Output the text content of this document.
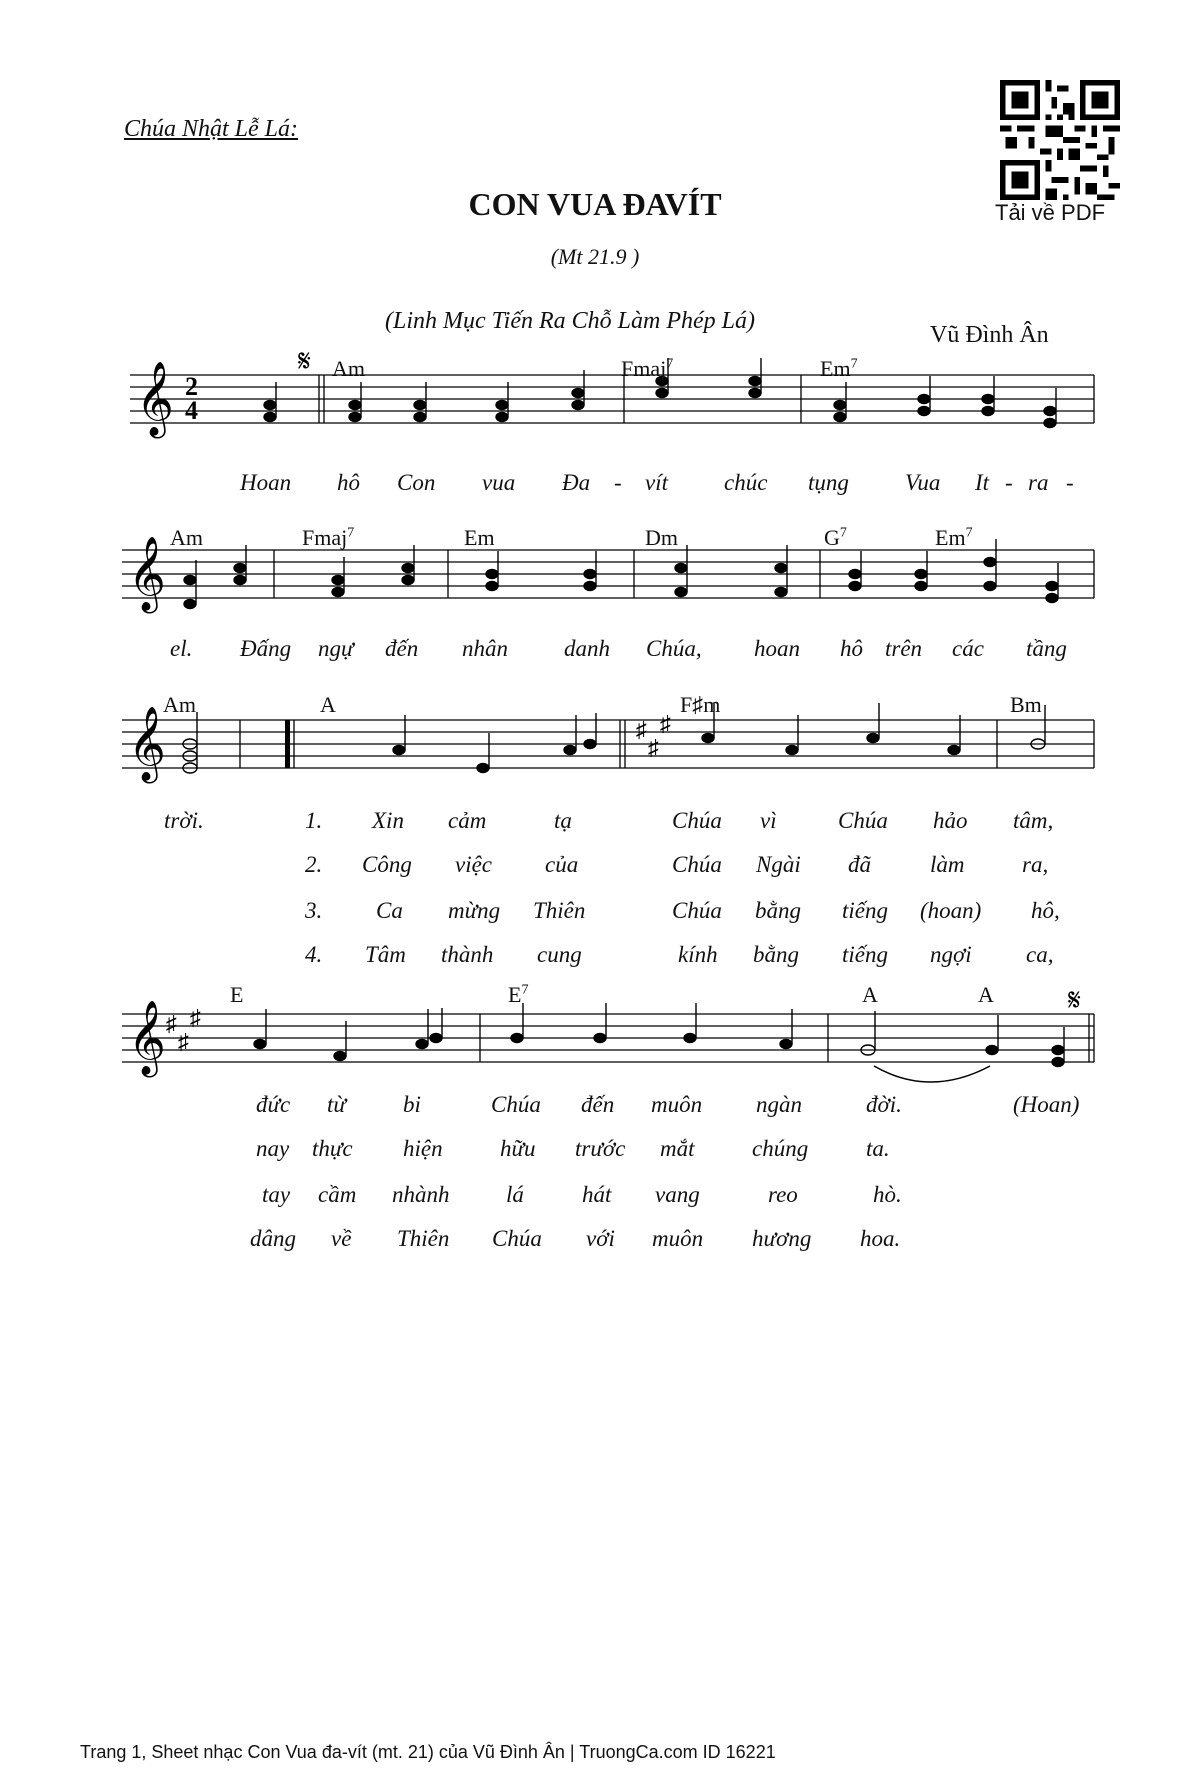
Chúa Nhật Lễ Lá:
CON VUA ĐAVÍT
(Mt 21.9 )
(Linh Mục Tiến Ra Chỗ Làm Phép Lá)
Vũ Đình Ân
Tải về PDF
𝄞
𝄞
𝄞
𝄞
2
4
♯
♯
♯
♯
♯
♯
𝄋
𝄋
Am	Fmaj$^7$	Em$^7$
Am	Fmaj$^7$	Em	Dm	$G^7$	Em$^7$
Am	A	F♯m	Bm
E	$E^7$	A	A
Hoan hô Con vua Đa - vít chúc tụng Vua It - ra -
el. Đấng ngự đến nhân danh Chúa, hoan hô trên các tầng
trời.	1. Xin cảm	tạ	Chúa vì	Chúa hảo tâm,
2. Công việc của	Chúa Ngài đã	làm	ra,
3. Ca mừng Thiên	Chúa bằng tiếng (hoan) hô,
4. Tâm thành cung	kính bằng tiếng ngợi ca,
đức từ bi	Chúa đến muôn ngàn	đời.	(Hoan)
nay thực hiện hữu trước mắt	chúng	ta.
tay cầm nhành lá	hát vang	reo	hò.
dâng về Thiên Chúa với muôn hương hoa.
Trang 1, Sheet nhạc Con Vua đa-vít (mt. 21) của Vũ Đình Ân | TruongCa.com ID 16221
